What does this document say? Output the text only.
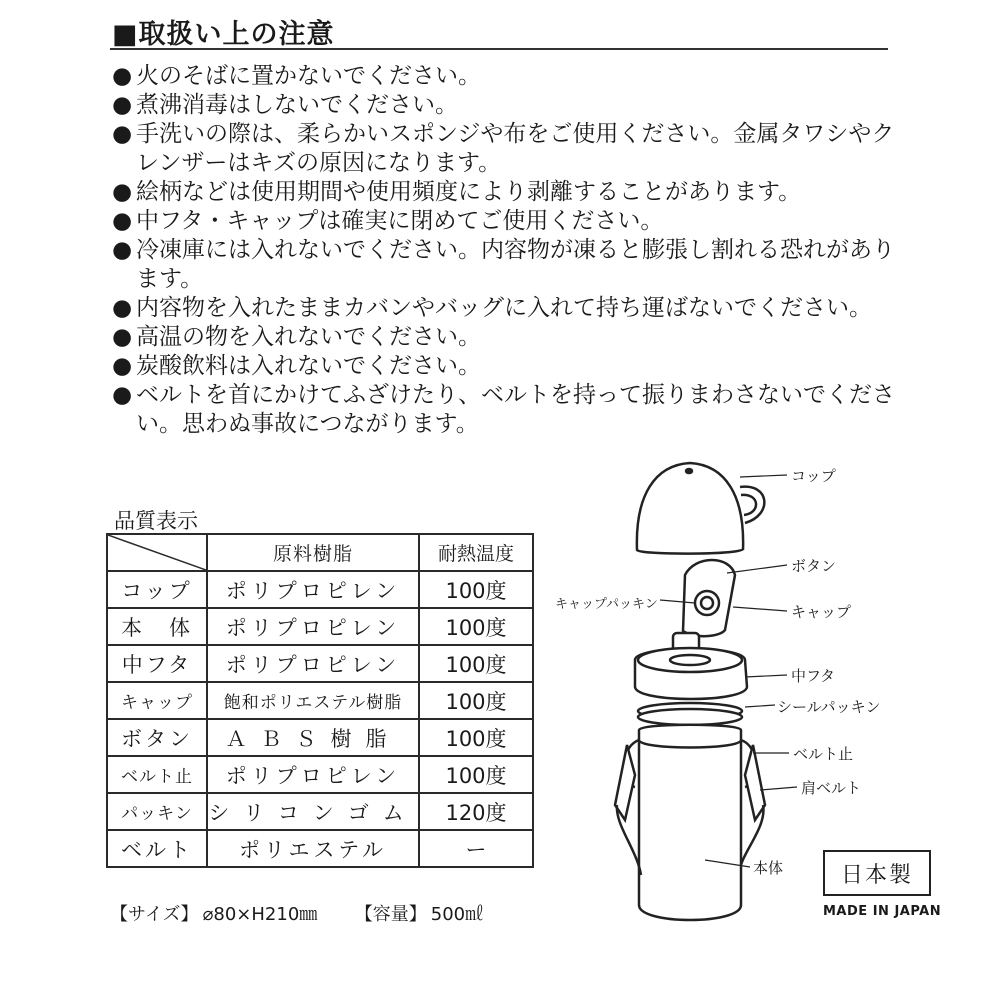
■取扱い上の注意
● 火のそばに置かないでください。
● 煮沸消毒はしないでください。
● 手洗いの際は、柔らかいスポンジや布をご使用ください。金属タワシやクレンザーはキズの原因になります。
● 絵柄などは使用期間や使用頻度により剥離することがあります。
● 中フタ・キャップは確実に閉めてご使用ください。
● 冷凍庫には入れないでください。内容物が凍ると膨張し割れる恐れがあります。
● 内容物を入れたままカバンやバッグに入れて持ち運ばないでください。
● 高温の物を入れないでください。
● 炭酸飲料は入れないでください。
● ベルトを首にかけてふざけたり、ベルトを持って振りまわさないでください。思わぬ事故につながります。
品質表示
	原料樹脂	耐熱温度
コップ	ポリプロピレン	100度
本　体	ポリプロピレン	100度
中フタ	ポリプロピレン	100度
キャップ	飽和ポリエステル樹脂	100度
ボタン	ＡＢＳ樹脂	100度
ベルト止	ポリプロピレン	100度
パッキン	シリコンゴム	120度
ベルト	ポリエステル	ー
【サイズ】 ⌀80×H210㎜ 【容量】 500㎖
コップ
ボタン
キャップパッキン	キャップ
中フタ
シールパッキン
ベルト止
肩ベルト
本体	日本製
MADE IN JAPAN
